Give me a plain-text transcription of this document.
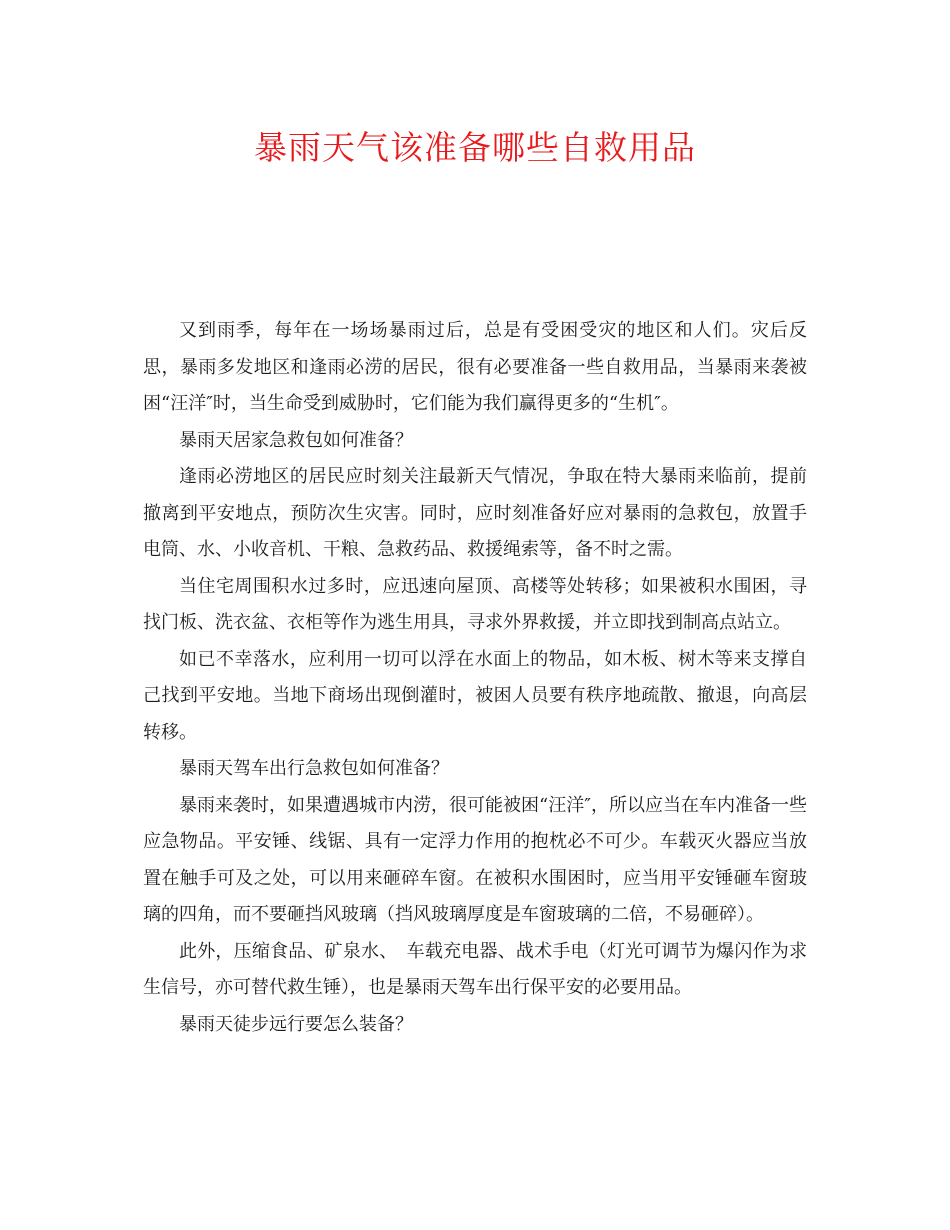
暴雨天气该准备哪些自救用品

又到雨季，每年在一场场暴雨过后，总是有受困受灾的地区和人们。灾后反思，暴雨多发地区和逢雨必涝的居民，很有必要准备一些自救用品，当暴雨来袭被困“汪洋″时，当生命受到威胁时，它们能为我们赢得更多的“生机″。

暴雨天居家急救包如何准备？

逢雨必涝地区的居民应时刻关注最新天气情况，争取在特大暴雨来临前，提前撤离到平安地点，预防次生灾害。同时，应时刻准备好应对暴雨的急救包，放置手电筒、水、小收音机、干粮、急救药品、救援绳索等，备不时之需。

当住宅周围积水过多时，应迅速向屋顶、高楼等处转移；如果被积水围困，寻找门板、洗衣盆、衣柜等作为逃生用具，寻求外界救援，并立即找到制高点站立。

如已不幸落水，应利用一切可以浮在水面上的物品，如木板、树木等来支撑自己找到平安地。当地下商场出现倒灌时，被困人员要有秩序地疏散、撤退，向高层转移。

暴雨天驾车出行急救包如何准备？

暴雨来袭时，如果遭遇城市内涝，很可能被困“汪洋″，所以应当在车内准备一些应急物品。平安锤、线锯、具有一定浮力作用的抱枕必不可少。车载灭火器应当放置在触手可及之处，可以用来砸碎车窗。在被积水围困时，应当用平安锤砸车窗玻璃的四角，而不要砸挡风玻璃（挡风玻璃厚度是车窗玻璃的二倍，不易砸碎）。

此外，压缩食品、矿泉水、　车载充电器、战术手电（灯光可调节为爆闪作为求生信号，亦可替代救生锤），也是暴雨天驾车出行保平安的必要用品。

暴雨天徒步远行要怎么装备？
